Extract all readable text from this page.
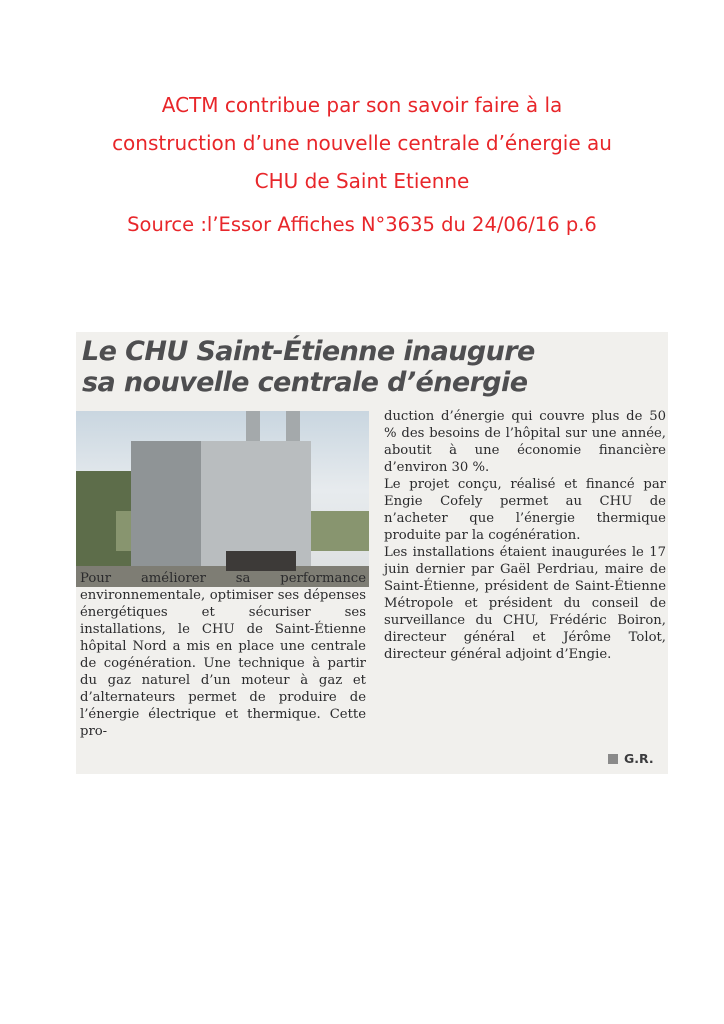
ACTM contribue par son savoir faire à la
construction d’une nouvelle centrale d’énergie au
CHU de Saint Etienne
Source :l’Essor Affiches N°3635 du 24/06/16 p.6
Le CHU Saint-Étienne inaugure
sa nouvelle centrale d’énergie

Pour améliorer sa performance environnementale, optimiser ses dépenses énergétiques et sécuriser ses installations, le CHU de Saint-Étienne hôpital Nord a mis en place une centrale de cogénération. Une technique à partir du gaz naturel d’un moteur à gaz et d’alternateurs permet de produire de l’énergie électrique et thermique. Cette pro-

duction d’énergie qui couvre plus de 50 % des besoins de l’hôpital sur une année, aboutit à une économie financière d’environ 30 %.

Le projet conçu, réalisé et financé par Engie Cofely permet au CHU de n’acheter que l’énergie thermique produite par la cogénération.

Les installations étaient inaugurées le 17 juin dernier par Gaël Perdriau, maire de Saint-Étienne, président de Saint-Étienne Métropole et président du conseil de surveillance du CHU, Frédéric Boiron, directeur général et Jérôme Tolot, directeur général adjoint d’Engie.

G.R.
